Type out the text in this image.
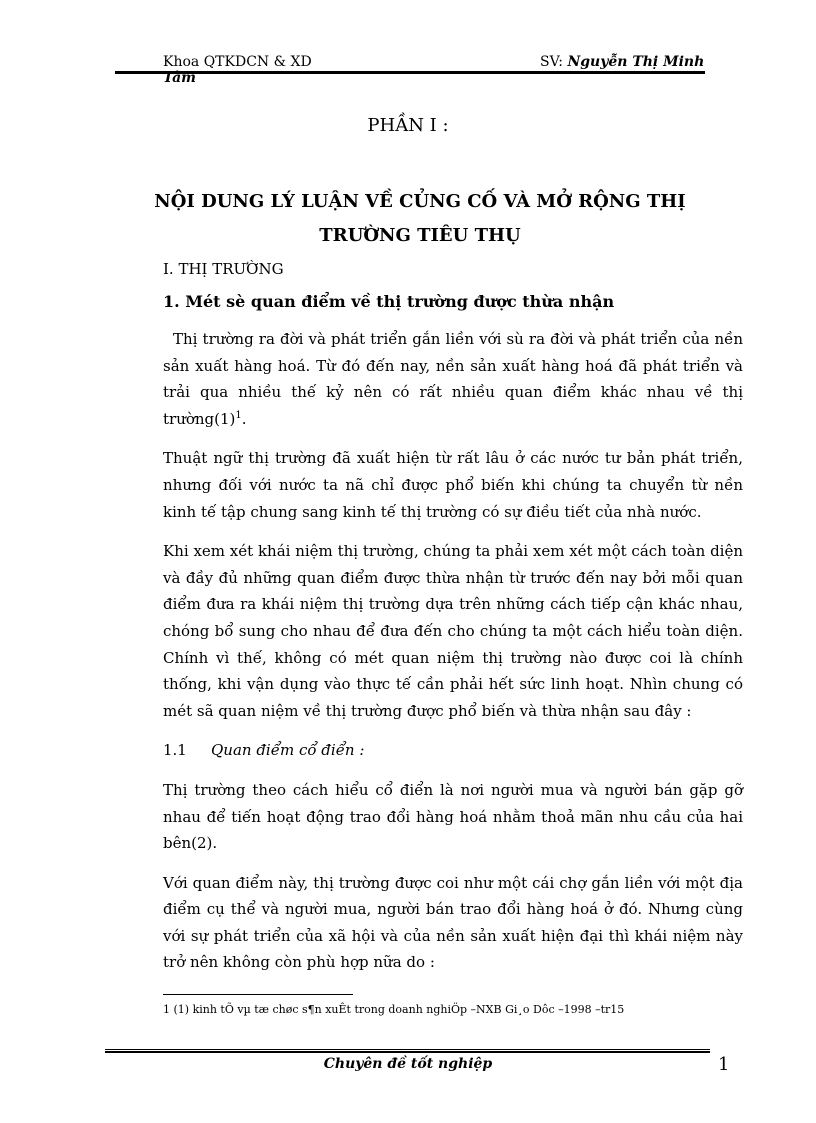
Khoa QTKDCN & XD
Tâm
SV: Nguyễn Thị Minh
PHẦN I :
NỘI DUNG LÝ LUẬN VỀ CỦNG CỐ VÀ MỞ RỘNG THỊ TRƯỜNG TIÊU THỤ
I. THỊ TRƯỜNG
1. Mét sè quan điểm về thị trường được thừa nhận

Thị trường ra đời và phát triển gắn liền với sù ra đời và phát triển của nền sản xuất hàng hoá. Từ đó đến nay, nền sản xuất hàng hoá đã phát triển và trải qua nhiều thế kỷ nên có rất nhiều quan điểm khác nhau về thị $trường(1)^1$.

Thuật ngữ thị trường đã xuất hiện từ rất lâu ở các nước tư bản phát triển, nhưng đối với nước ta nã chỉ được phổ biến khi chúng ta chuyển từ nền kinh tế tập chung sang kinh tế thị trường có sự điều tiết của nhà nước.

Khi xem xét khái niệm thị trường, chúng ta phải xem xét một cách toàn diện và đầy đủ những quan điểm được thừa nhận từ trước đến nay bởi mỗi quan điểm đưa ra khái niệm thị trường dựa trên những cách tiếp cận khác nhau, chóng bổ sung cho nhau để đưa đến cho chúng ta một cách hiểu toàn diện. Chính vì thế, không có mét quan niệm thị trường nào được coi là chính thống, khi vận dụng vào thực tế cần phải hết sức linh hoạt. Nhìn chung có mét sã quan niệm về thị trường được phổ biến và thừa nhận sau đây :

1.1	Quan điểm cổ điển :

Thị trường theo cách hiểu cổ điển là nơi người mua và người bán gặp gỡ nhau để tiến hoạt động trao đổi hàng hoá nhằm thoả mãn nhu cầu của hai bên(2).

Với quan điểm này, thị trường được coi như một cái chợ gắn liền với một địa điểm cụ thể và người mua, người bán trao đổi hàng hoá ở đó. Nhưng cùng với sự phát triển của xã hội và của nền sản xuất hiện đại thì khái niệm này trở nên không còn phù hợp nữa do :

1 (1) kinh tÕ vµ tæ chøc s¶n xuÊt trong doanh nghiÖp –NXB Gi¸o Dôc –1998 –tr15
Chuyên đề tốt nghiệp	1
